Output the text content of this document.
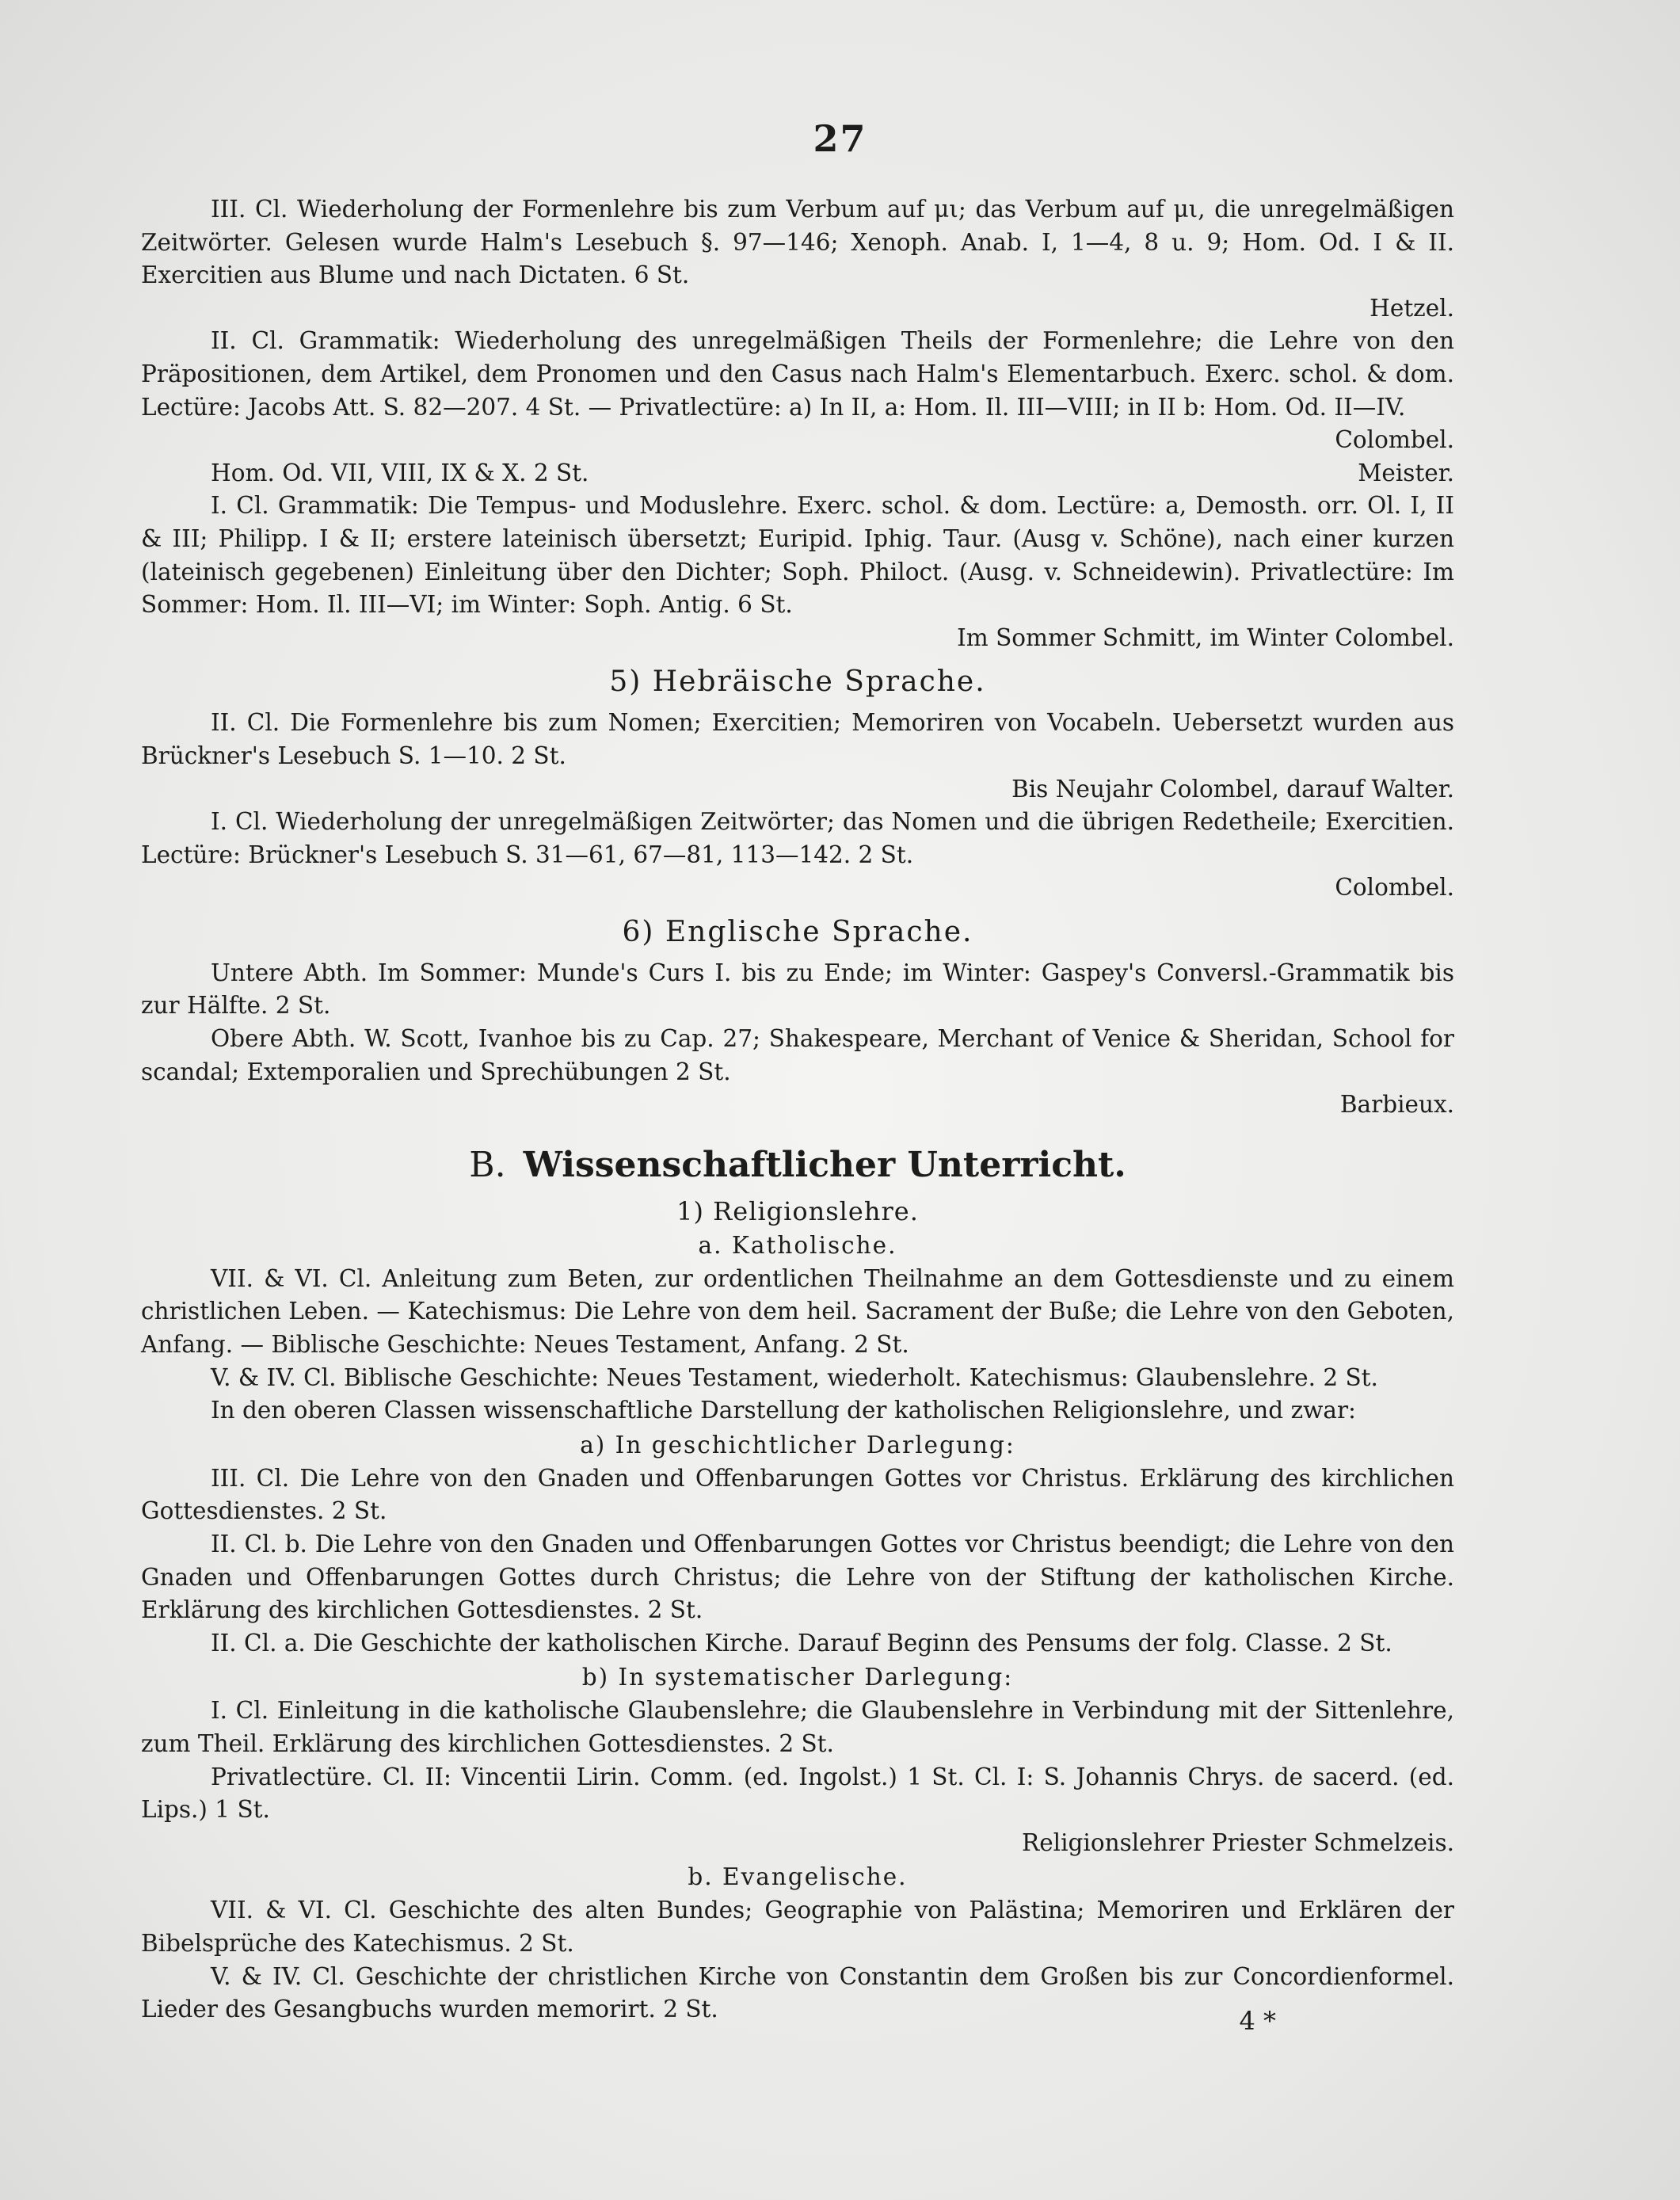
27

III. Cl. Wiederholung der Formenlehre bis zum Verbum auf μι; das Verbum auf μι, die unregelmäßigen Zeitwörter. Gelesen wurde Halm's Lesebuch §. 97—146; Xenoph. Anab. I, 1—4, 8 u. 9; Hom. Od. I & II. Exercitien aus Blume und nach Dictaten. 6 St.

Hetzel.

II. Cl. Grammatik: Wiederholung des unregelmäßigen Theils der Formenlehre; die Lehre von den Präpositionen, dem Artikel, dem Pronomen und den Casus nach Halm's Elementarbuch. Exerc. schol. & dom. Lectüre: Jacobs Att. S. 82—207. 4 St. — Privatlectüre: a) In II, a: Hom. Il. III—VIII; in II b: Hom. Od. II—IV.

Colombel.

Hom. Od. VII, VIII, IX & X. 2 St.	Meister.

I. Cl. Grammatik: Die Tempus- und Moduslehre. Exerc. schol. & dom. Lectüre: a, Demosth. orr. Ol. I, II & III; Philipp. I & II; erstere lateinisch übersetzt; Euripid. Iphig. Taur. (Ausg v. Schöne), nach einer kurzen (lateinisch gegebenen) Einleitung über den Dichter; Soph. Philoct. (Ausg. v. Schneidewin). Privatlectüre: Im Sommer: Hom. Il. III—VI; im Winter: Soph. Antig. 6 St.

Im Sommer Schmitt, im Winter Colombel.

5) Hebräische Sprache.

II. Cl. Die Formenlehre bis zum Nomen; Exercitien; Memoriren von Vocabeln. Uebersetzt wurden aus Brückner's Lesebuch S. 1—10. 2 St.

Bis Neujahr Colombel, darauf Walter.

I. Cl. Wiederholung der unregelmäßigen Zeitwörter; das Nomen und die übrigen Redetheile; Exercitien. Lectüre: Brückner's Lesebuch S. 31—61, 67—81, 113—142. 2 St.

Colombel.

6) Englische Sprache.

Untere Abth. Im Sommer: Munde's Curs I. bis zu Ende; im Winter: Gaspey's Conversl.-Grammatik bis zur Hälfte. 2 St.

Obere Abth. W. Scott, Ivanhoe bis zu Cap. 27; Shakespeare, Merchant of Venice & Sheridan, School for scandal; Extemporalien und Sprechübungen 2 St.

Barbieux.

B. Wissenschaftlicher Unterricht.
1) Religionslehre.
a. Katholische.

VII. & VI. Cl. Anleitung zum Beten, zur ordentlichen Theilnahme an dem Gottesdienste und zu einem christlichen Leben. — Katechismus: Die Lehre von dem heil. Sacrament der Buße; die Lehre von den Geboten, Anfang. — Biblische Geschichte: Neues Testament, Anfang. 2 St.

V. & IV. Cl. Biblische Geschichte: Neues Testament, wiederholt. Katechismus: Glaubenslehre. 2 St.

In den oberen Classen wissenschaftliche Darstellung der katholischen Religionslehre, und zwar:

a) In geschichtlicher Darlegung:

III. Cl. Die Lehre von den Gnaden und Offenbarungen Gottes vor Christus. Erklärung des kirchlichen Gottesdienstes. 2 St.

II. Cl. b. Die Lehre von den Gnaden und Offenbarungen Gottes vor Christus beendigt; die Lehre von den Gnaden und Offenbarungen Gottes durch Christus; die Lehre von der Stiftung der katholischen Kirche. Erklärung des kirchlichen Gottesdienstes. 2 St.

II. Cl. a. Die Geschichte der katholischen Kirche. Darauf Beginn des Pensums der folg. Classe. 2 St.

b) In systematischer Darlegung:

I. Cl. Einleitung in die katholische Glaubenslehre; die Glaubenslehre in Verbindung mit der Sittenlehre, zum Theil. Erklärung des kirchlichen Gottesdienstes. 2 St.

Privatlectüre. Cl. II: Vincentii Lirin. Comm. (ed. Ingolst.) 1 St. Cl. I: S. Johannis Chrys. de sacerd. (ed. Lips.) 1 St.

Religionslehrer Priester Schmelzeis.

b. Evangelische.

VII. & VI. Cl. Geschichte des alten Bundes; Geographie von Palästina; Memoriren und Erklären der Bibelsprüche des Katechismus. 2 St.

V. & IV. Cl. Geschichte der christlichen Kirche von Constantin dem Großen bis zur Concordienformel. Lieder des Gesangbuchs wurden memorirt. 2 St.	4 *
